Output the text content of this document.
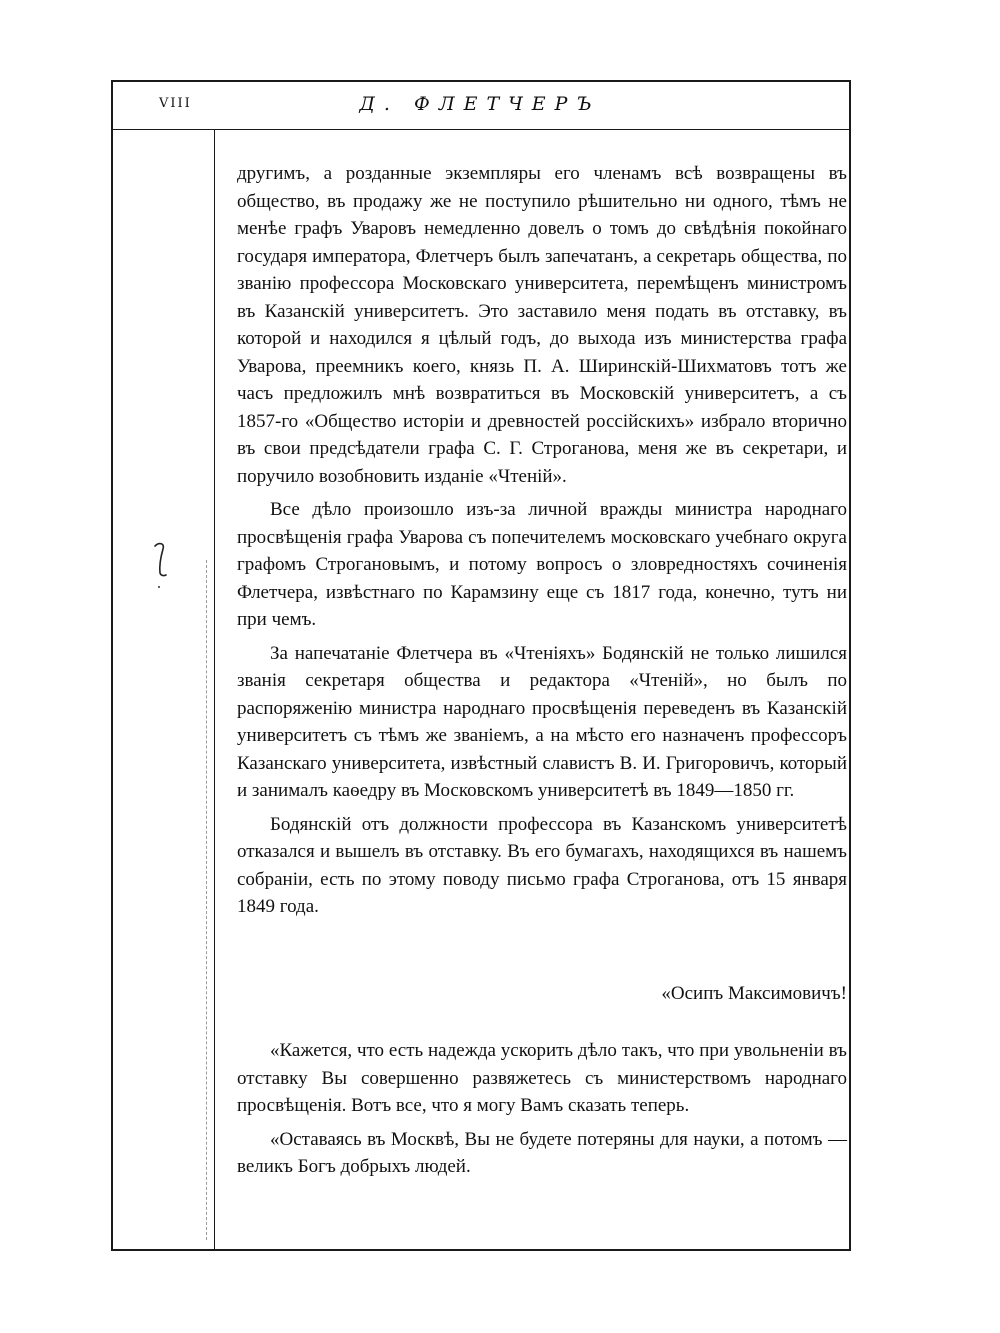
VIII	Д. ФЛЕТЧЕРЪ

другимъ, а розданные экземпляры его членамъ всѣ возвращены въ общество, въ продажу же не поступило рѣшительно ни одного, тѣмъ не менѣе графъ Уваровъ немедленно довелъ о томъ до свѣдѣнія покойнаго государя императора, Флетчеръ былъ запечатанъ, а секретарь общества, по званію профессора Московскаго университета, перемѣщенъ министромъ въ Казанскій университетъ. Это заставило меня подать въ отставку, въ которой и находился я цѣлый годъ, до выхода изъ министерства графа Уварова, преемникъ коего, князь П. А. Ширинскій-Шихматовъ тотъ же часъ предложилъ мнѣ возвратиться въ Московскій университетъ, а съ 1857-го «Общество исторіи и древностей россійскихъ» избрало вторично въ свои предсѣдатели графа С. Г. Строганова, меня же въ секретари, и поручило возобновить изданіе «Чтеній».

Все дѣло произошло изъ-за личной вражды министра народнаго просвѣщенія графа Уварова съ попечителемъ московскаго учебнаго округа графомъ Строгановымъ, и потому вопросъ о зловредностяхъ сочиненія Флетчера, извѣстнаго по Карамзину еще съ 1817 года, конечно, тутъ ни при чемъ.

За напечатаніе Флетчера въ «Чтеніяхъ» Бодянскій не только лишился званія секретаря общества и редактора «Чтеній», но былъ по распоряженію министра народнаго просвѣщенія переведенъ въ Казанскій университетъ съ тѣмъ же званіемъ, а на мѣсто его назначенъ профессоръ Казанскаго университета, извѣстный славистъ В. И. Григоровичъ, который и занималъ каѳедру въ Московскомъ университетѣ въ 1849—1850 гг.

Бодянскій отъ должности профессора въ Казанскомъ университетѣ отказался и вышелъ въ отставку. Въ его бумагахъ, находящихся въ нашемъ собраніи, есть по этому поводу письмо графа Строганова, отъ 15 января 1849 года.

«Осипъ Максимовичъ!

«Кажется, что есть надежда ускорить дѣло такъ, что при увольненіи въ отставку Вы совершенно развяжетесь съ министерствомъ народнаго просвѣщенія. Вотъ все, что я могу Вамъ сказать теперь.

«Оставаясь въ Москвѣ, Вы не будете потеряны для науки, а потомъ — великъ Богъ добрыхъ людей.
